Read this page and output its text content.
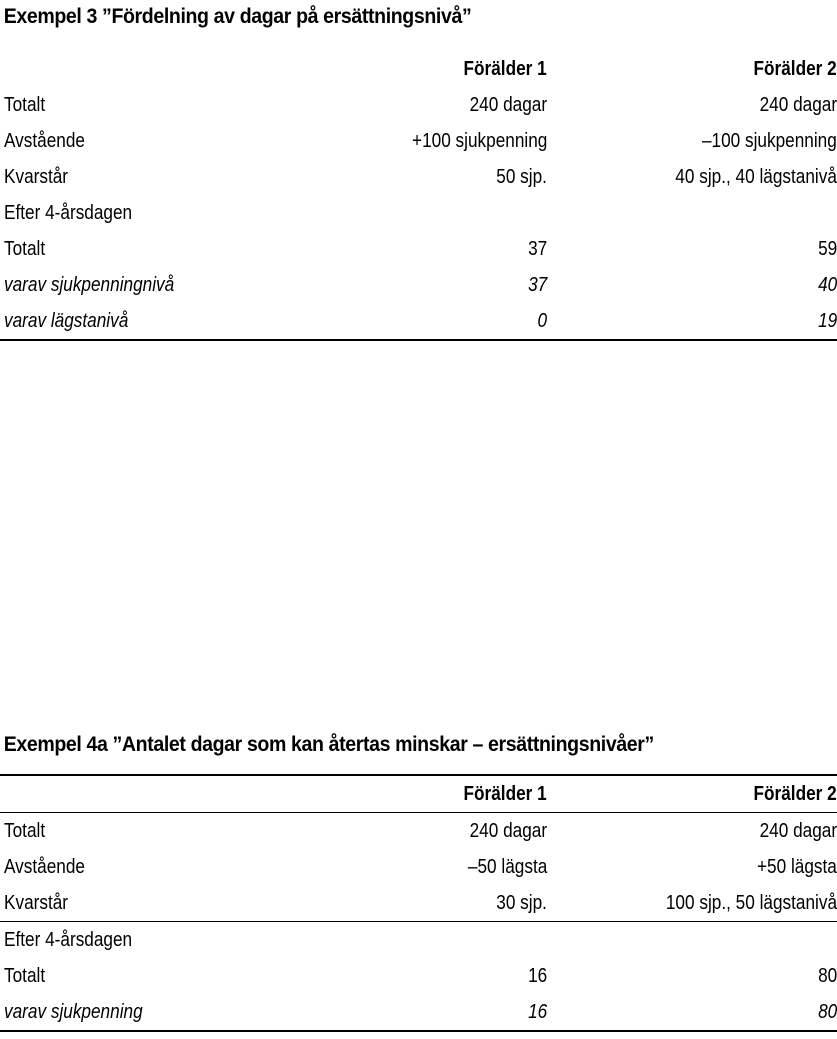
Exempel 3 ”Fördelning av dagar på ersättningsnivå”
	Förälder 1	Förälder 2
Totalt	240 dagar	240 dagar
Avstående	+100 sjukpenning	–100 sjukpenning
Kvarstår	50 sjp.	40 sjp., 40 lägstanivå
Efter 4-årsdagen		
Totalt	37	59
varav sjukpenningnivå	37	40
varav lägstanivå	0	19
Exempel 4a ”Antalet dagar som kan återtas minskar – ersättningsnivåer”
	Förälder 1	Förälder 2
Totalt	240 dagar	240 dagar
Avstående	–50 lägsta	+50 lägsta
Kvarstår	30 sjp.	100 sjp., 50 lägstanivå
Efter 4-årsdagen		
Totalt	16	80
varav sjukpenning	16	80
